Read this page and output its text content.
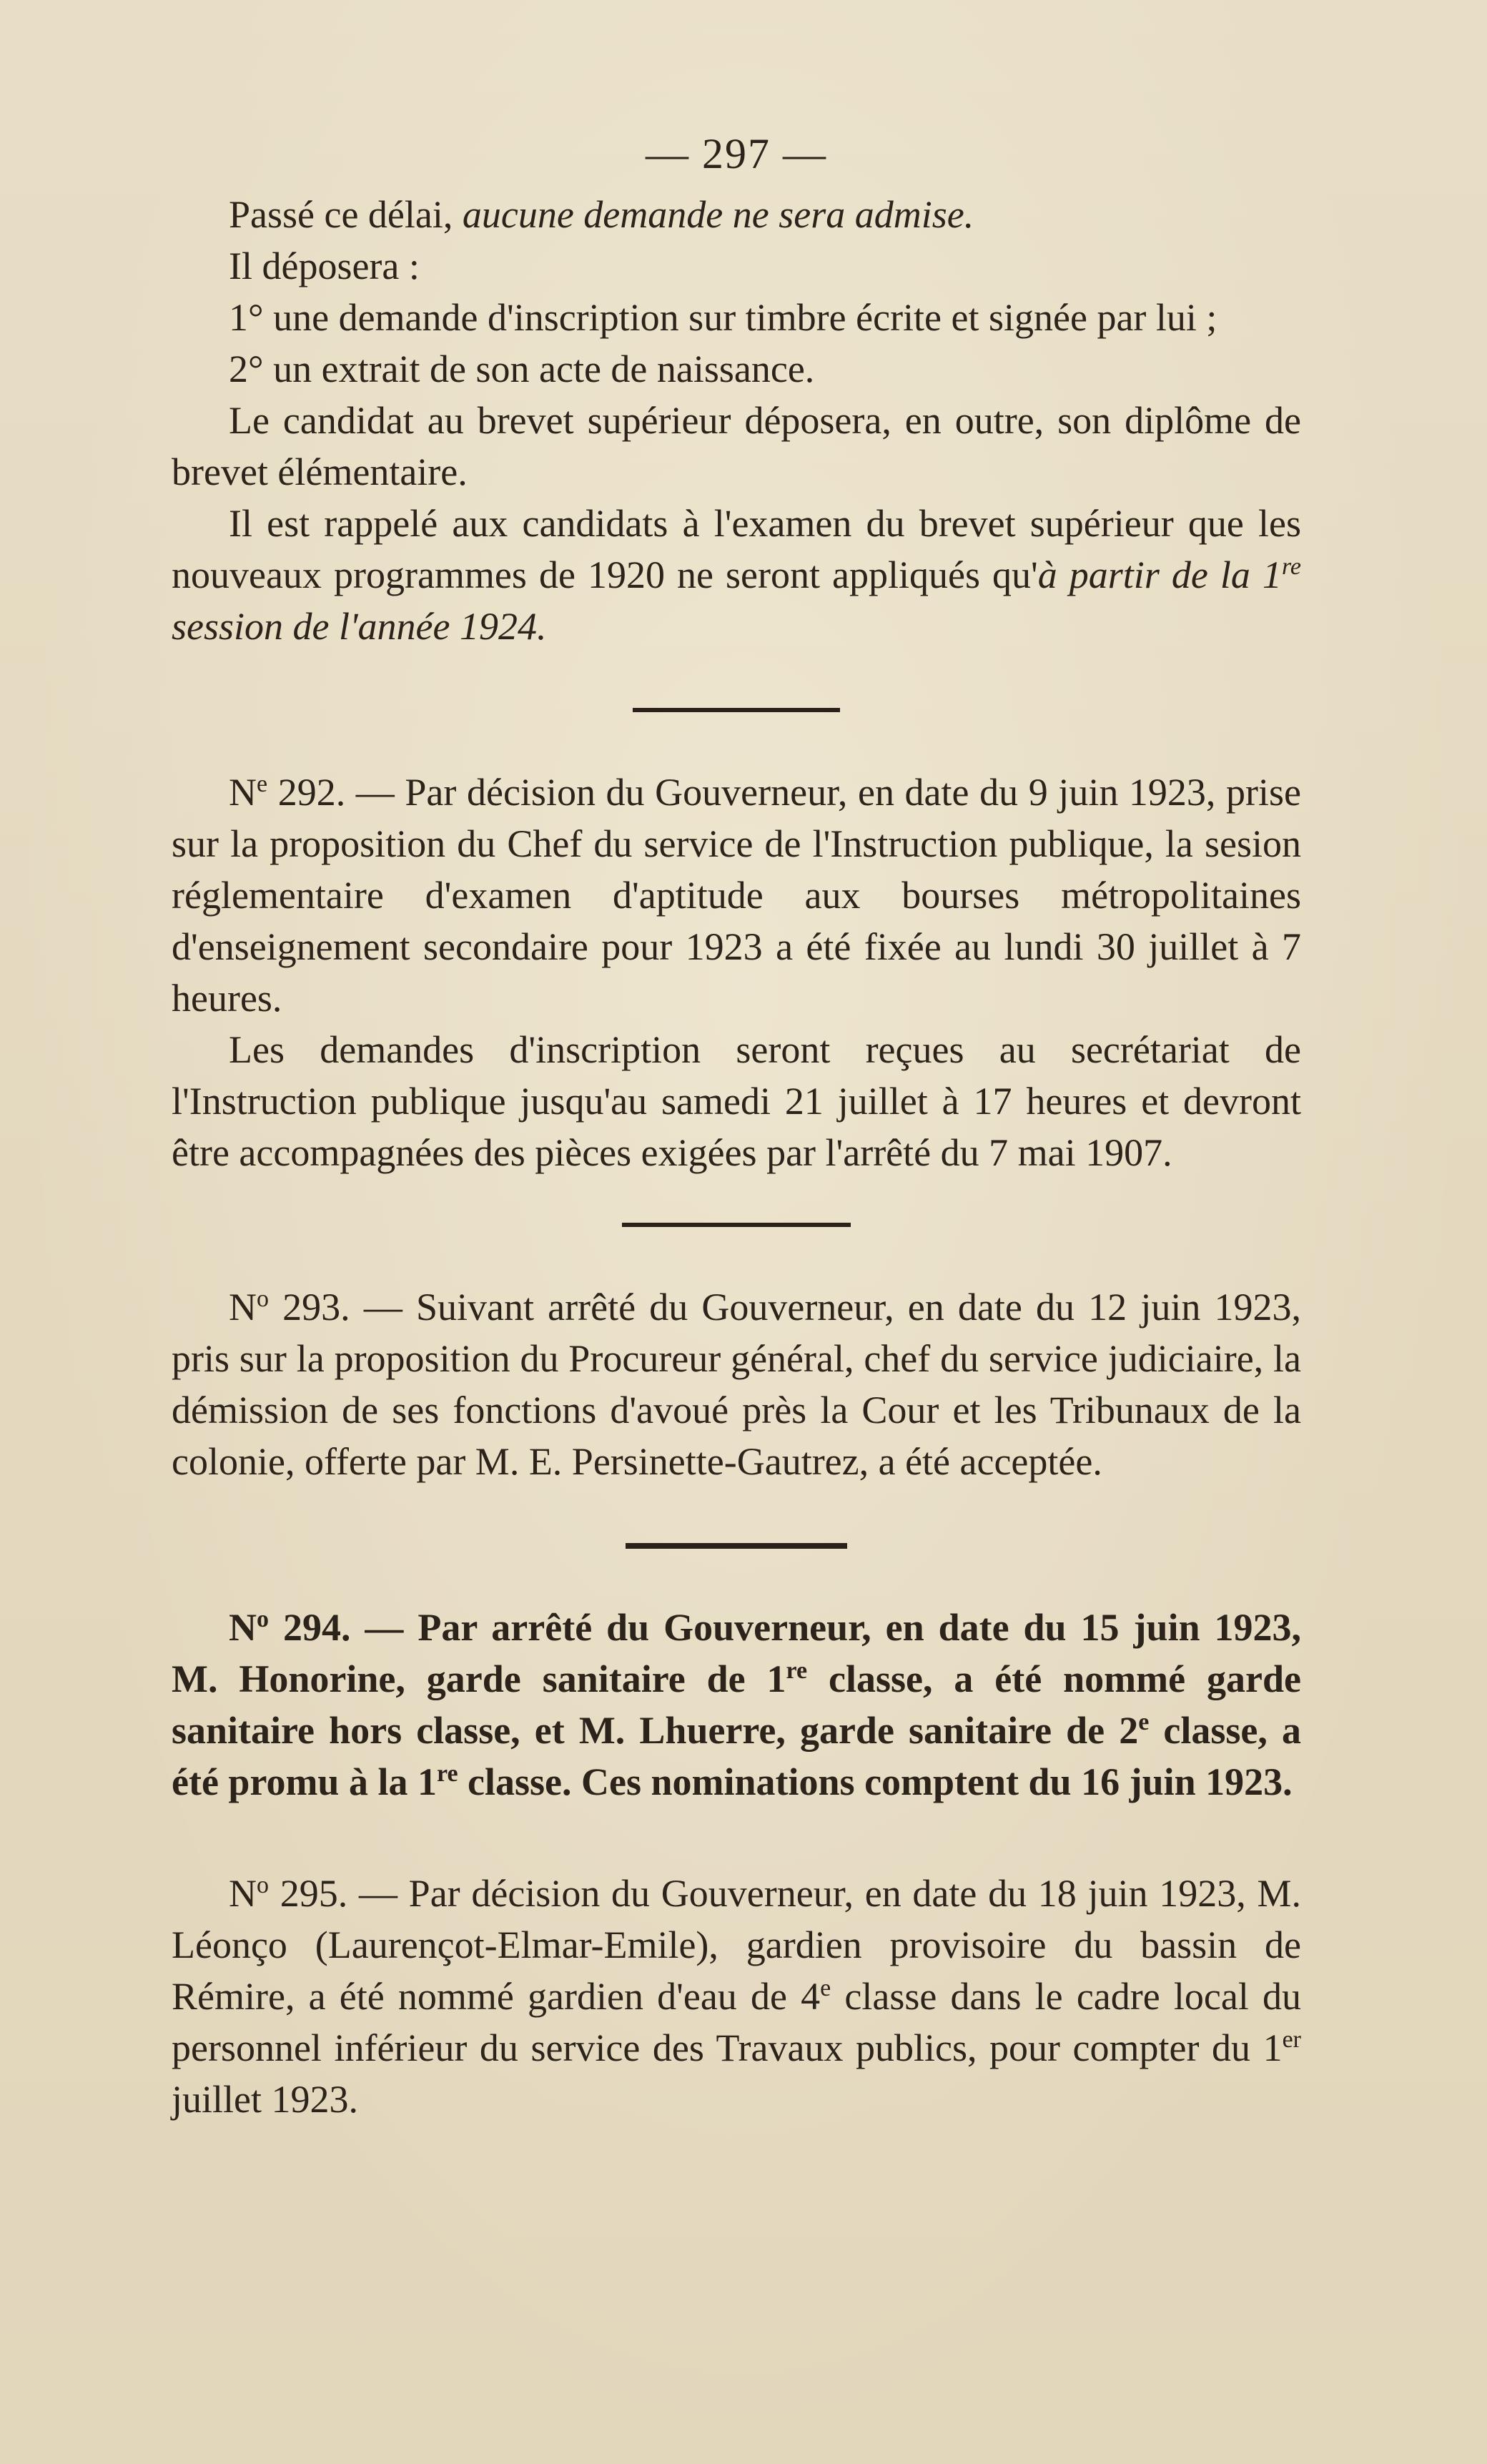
— 297 —

Passé ce délai, aucune demande ne sera admise.

Il déposera :

1° une demande d'inscription sur timbre écrite et signée par lui ;

2° un extrait de son acte de naissance.

Le candidat au brevet supérieur déposera, en outre, son diplôme de brevet élémentaire.

Il est rappelé aux candidats à l'examen du brevet supérieur que les nouveaux programmes de 1920 ne seront appliqués qu'à partir de la 1re session de l'année 1924.

$N^e$ 292. — Par décision du Gouverneur, en date du 9 juin 1923, prise sur la proposition du Chef du service de l'Instruction publique, la sesion réglementaire d'examen d'aptitude aux bourses métropolitaines d'enseignement secondaire pour 1923 a été fixée au lundi 30 juillet à 7 heures.

Les demandes d'inscription seront reçues au secrétariat de l'Instruction publique jusqu'au samedi 21 juillet à 17 heures et devront être accompagnées des pièces exigées par l'arrêté du 7 mai 1907.

$N^o$ 293. — Suivant arrêté du Gouverneur, en date du 12 juin 1923, pris sur la proposition du Procureur général, chef du service judiciaire, la démission de ses fonctions d'avoué près la Cour et les Tribunaux de la colonie, offerte par M. E. Persinette-Gautrez, a été acceptée.

$N^o$ 294. — Par arrêté du Gouverneur, en date du 15 juin 1923, M. Honorine, garde sanitaire de 1re classe, a été nommé garde sanitaire hors classe, et M. Lhuerre, garde sanitaire de 2e classe, a été promu à la 1re classe. Ces nominations comptent du 16 juin 1923.

$N^o$ 295. — Par décision du Gouverneur, en date du 18 juin 1923, M. Léonço (Laurençot-Elmar-Emile), gardien provisoire du bassin de Rémire, a été nommé gardien d'eau de 4e classe dans le cadre local du personnel inférieur du service des Travaux publics, pour compter du 1er juillet 1923.
